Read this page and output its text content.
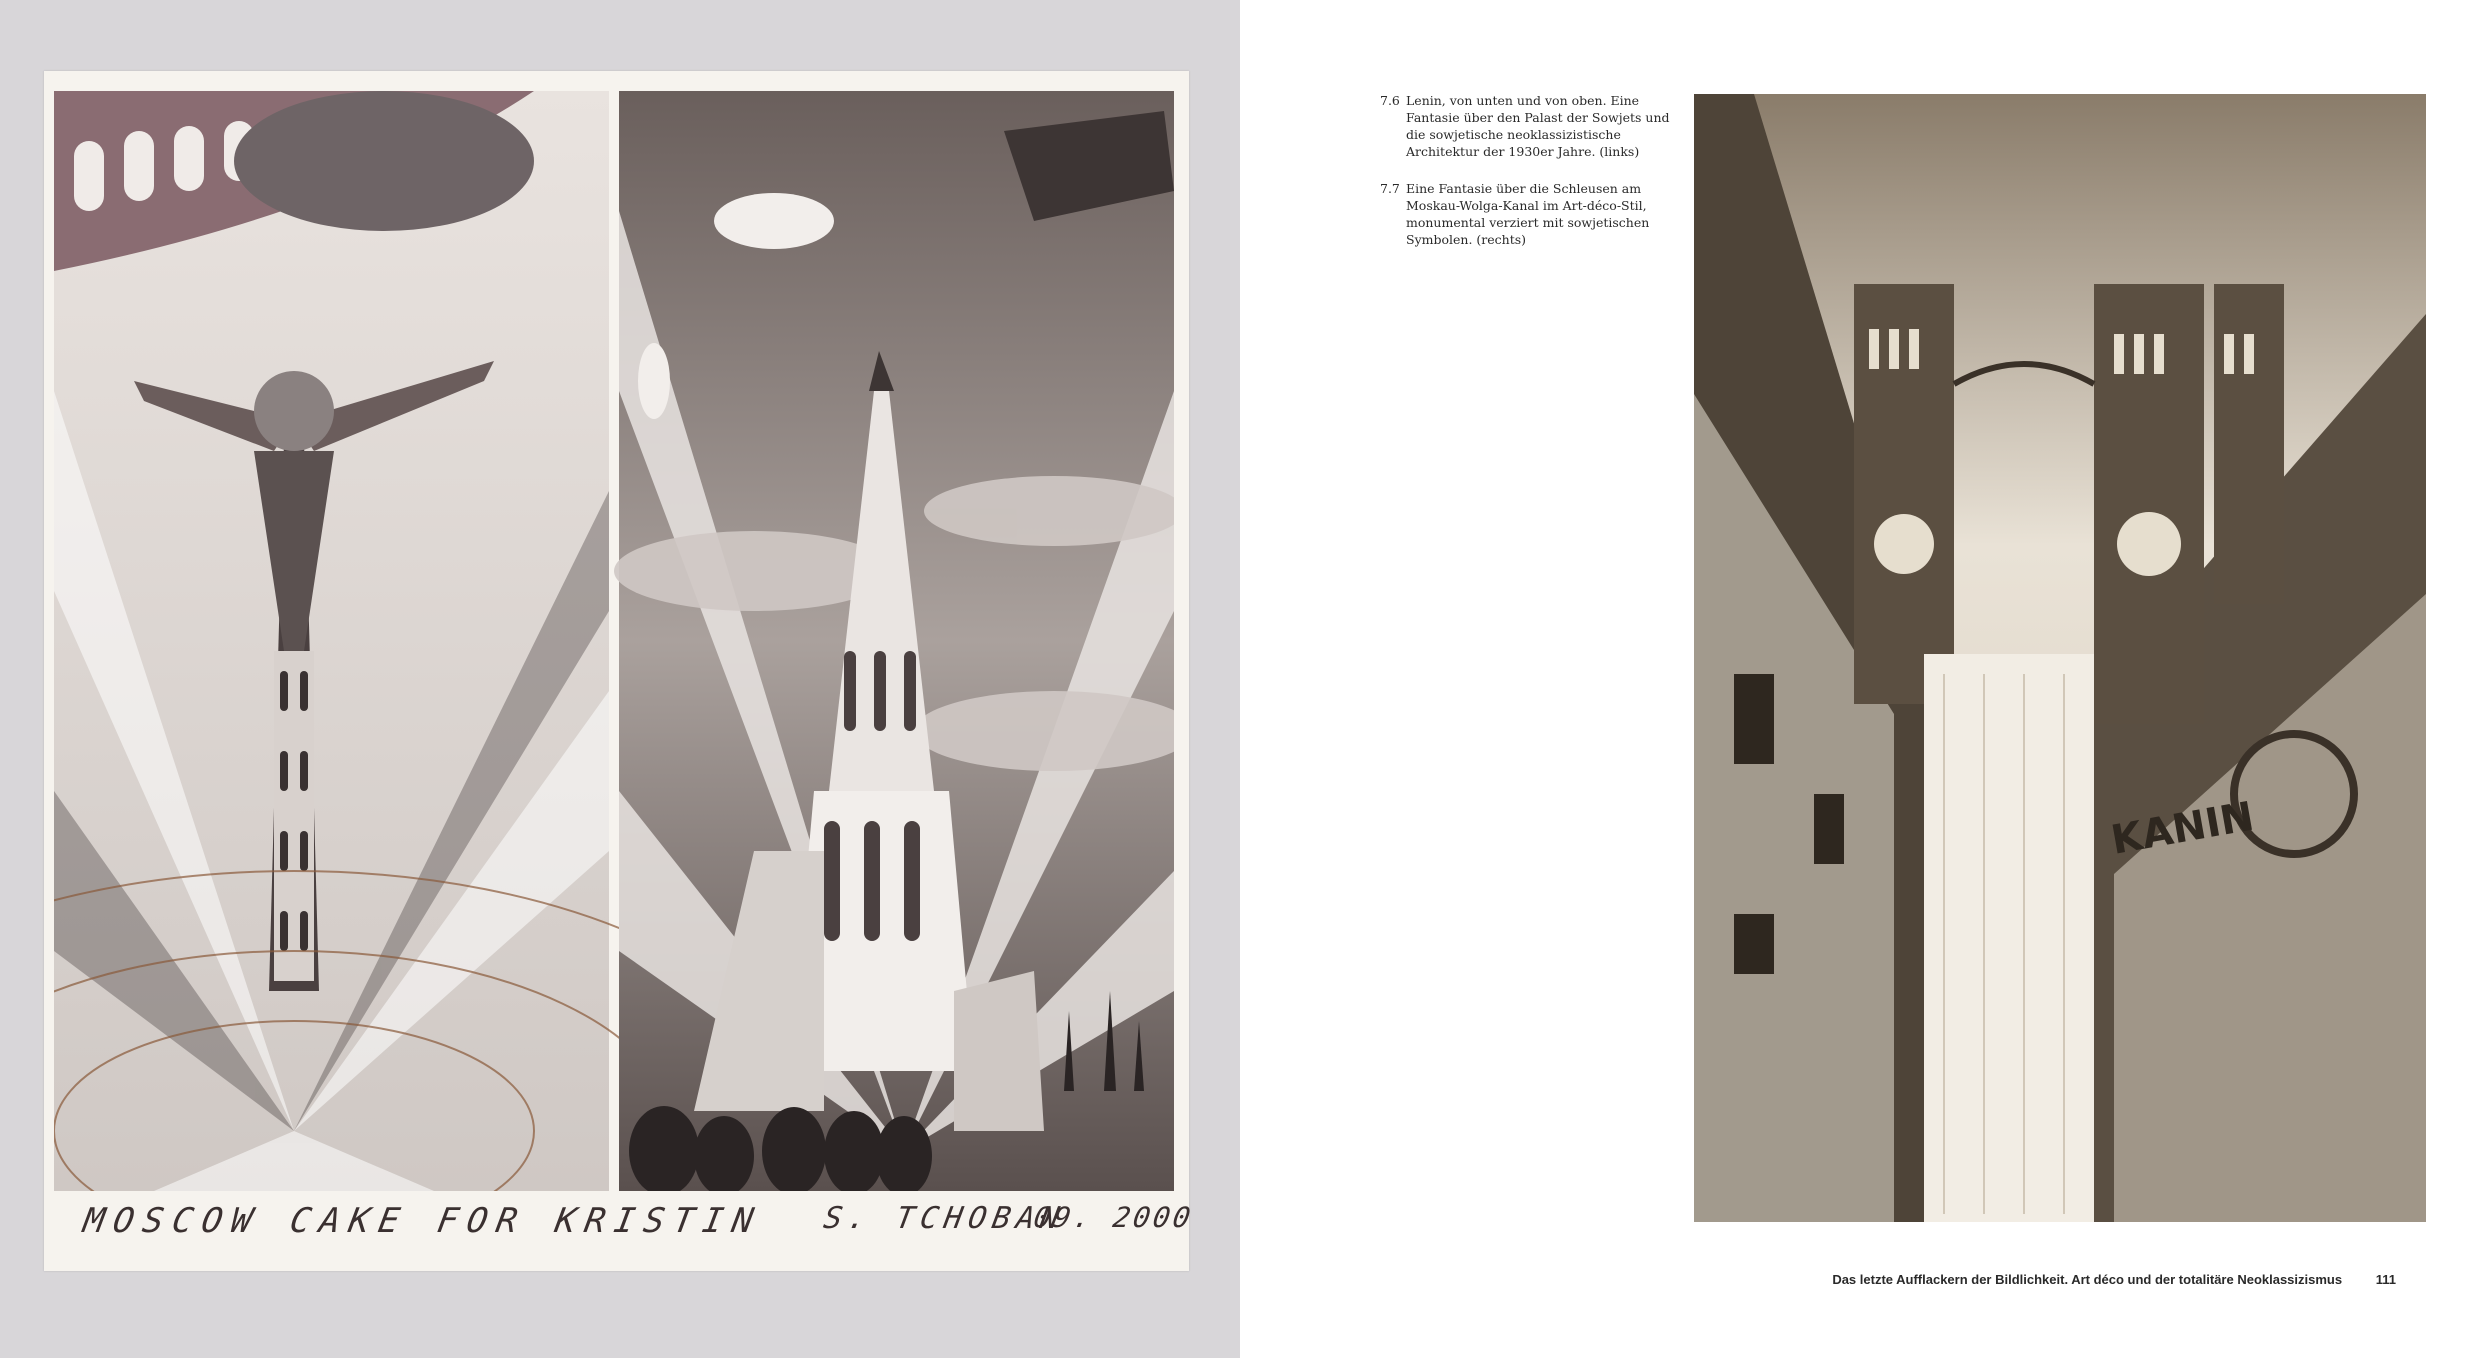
MOSCOW CAKE FOR KRISTIN S. TCHOBAN
09. 2000
7.6 Lenin, von unten und von oben. Eine Fantasie über den Palast der Sowjets und die sowjetische neoklassizistische Architektur der 1930er Jahre. (links)
7.7 Eine Fantasie über die Schleusen am Moskau-Wolga-Kanal im Art-déco-Stil, monumental verziert mit sowjetischen Symbolen. (rechts)
KANIN
Das letzte Aufflackern der Bildlichkeit. Art déco und der totalitäre Neoklassizismus	111
